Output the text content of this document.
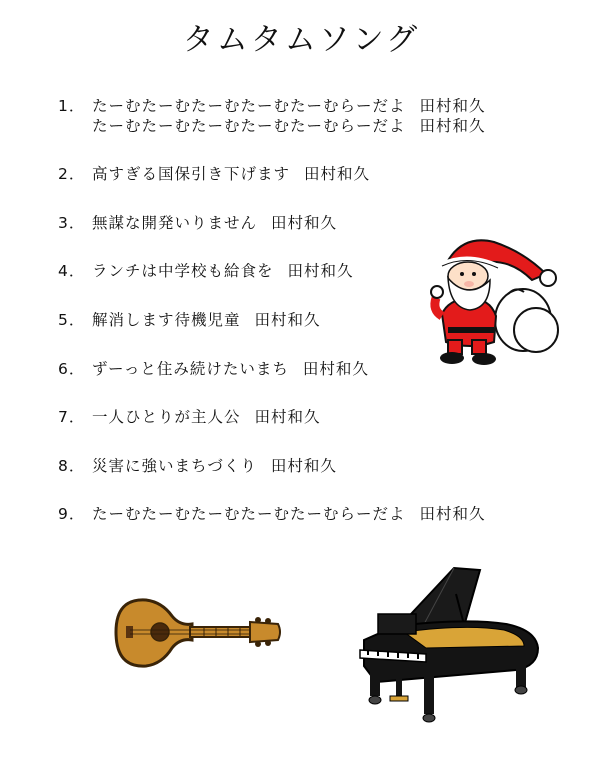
タムタムソング
1． たーむたーむたーむたーむたーむらーだよ 田村和久
たーむたーむたーむたーむたーむらーだよ 田村和久
2． 高すぎる国保引き下げます 田村和久
3． 無謀な開発いりません 田村和久
4． ランチは中学校も給食を 田村和久
5． 解消します待機児童 田村和久
6． ずーっと住み続けたいまち 田村和久
7． 一人ひとりが主人公 田村和久
8． 災害に強いまちづくり 田村和久
9． たーむたーむたーむたーむたーむらーだよ 田村和久
